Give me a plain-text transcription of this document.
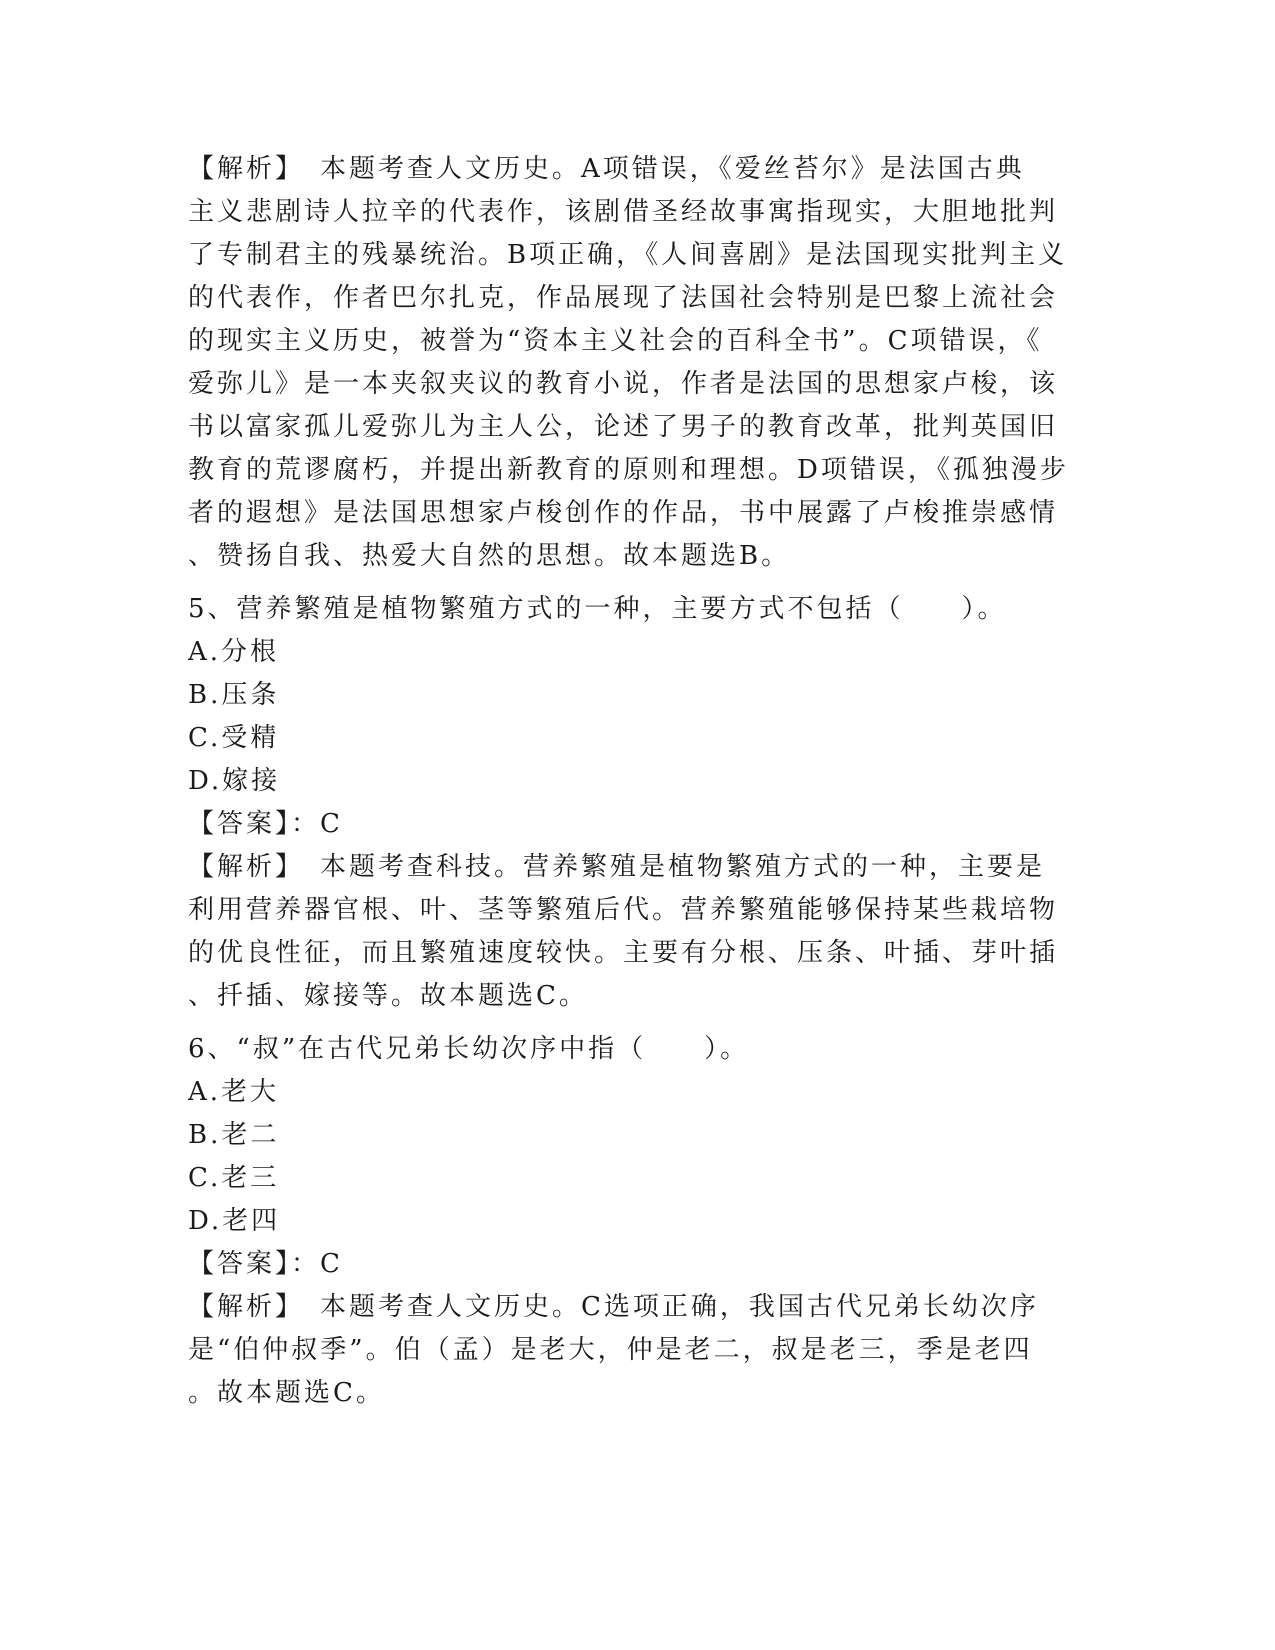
【解析】　本题考查人文历史。A项错误，《爱丝苔尔》是法国古典
主义悲剧诗人拉辛的代表作，该剧借圣经故事寓指现实，大胆地批判
了专制君主的残暴统治。B项正确，《人间喜剧》是法国现实批判主义
的代表作，作者巴尔扎克，作品展现了法国社会特别是巴黎上流社会
的现实主义历史，被誉为“资本主义社会的百科全书”。C项错误，《
爱弥儿》是一本夹叙夹议的教育小说，作者是法国的思想家卢梭，该
书以富家孤儿爱弥儿为主人公，论述了男子的教育改革，批判英国旧
教育的荒谬腐朽，并提出新教育的原则和理想。D项错误，《孤独漫步
者的遐想》是法国思想家卢梭创作的作品，书中展露了卢梭推崇感情
、赞扬自我、热爱大自然的思想。故本题选B。
5、营养繁殖是植物繁殖方式的一种，主要方式不包括（　　）。
A.分根
B.压条
C.受精
D.嫁接
【答案】：C
【解析】　本题考查科技。营养繁殖是植物繁殖方式的一种，主要是
利用营养器官根、叶、茎等繁殖后代。营养繁殖能够保持某些栽培物
的优良性征，而且繁殖速度较快。主要有分根、压条、叶插、芽叶插
、扦插、嫁接等。故本题选C。
6、“叔”在古代兄弟长幼次序中指（　　）。
A.老大
B.老二
C.老三
D.老四
【答案】：C
【解析】　本题考查人文历史。C选项正确，我国古代兄弟长幼次序
是“伯仲叔季”。伯（孟）是老大，仲是老二，叔是老三，季是老四
。故本题选C。
